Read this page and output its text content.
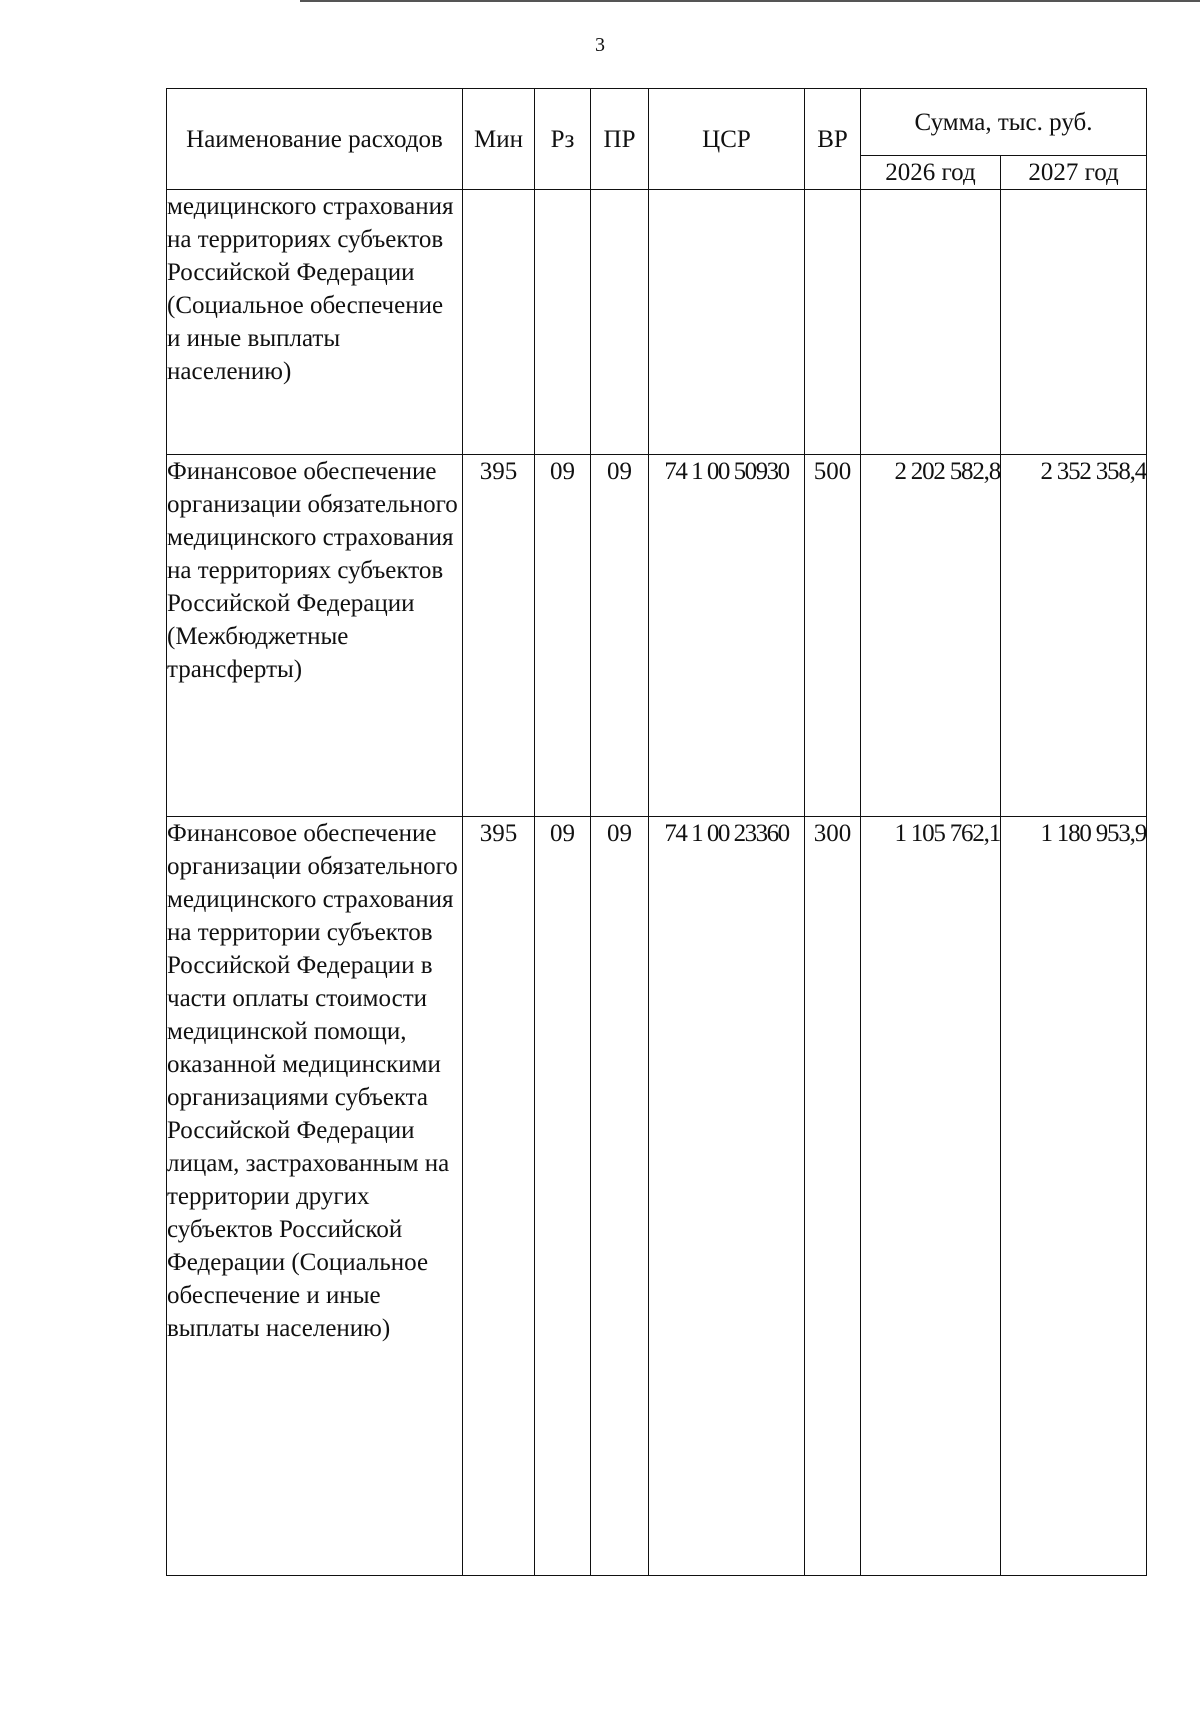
3
Наименование расходов	Мин	Рз	ПР	ЦСР	ВР	Сумма, тыс. руб.	
						2026 год	2027 год
медицинского страхования на территориях субъектов Российской Федерации (Социальное обеспечение и иные выплаты населению)							
Финансовое обеспечение организации обязательного медицинского страхования на территориях субъектов Российской Федерации (Межбюджетные трансферты)	395	09	09	74 1 00 50930	500	2 202 582,8	2 352 358,4
Финансовое обеспечение организации обязательного медицинского страхования на территории субъектов Российской Федерации в части оплаты стоимости медицинской помощи, оказанной медицинскими организациями субъекта Российской Федерации лицам, застрахованным на территории других субъектов Российской Федерации (Социальное обеспечение и иные выплаты населению)	395	09	09	74 1 00 23360	300	1 105 762,1	1 180 953,9
